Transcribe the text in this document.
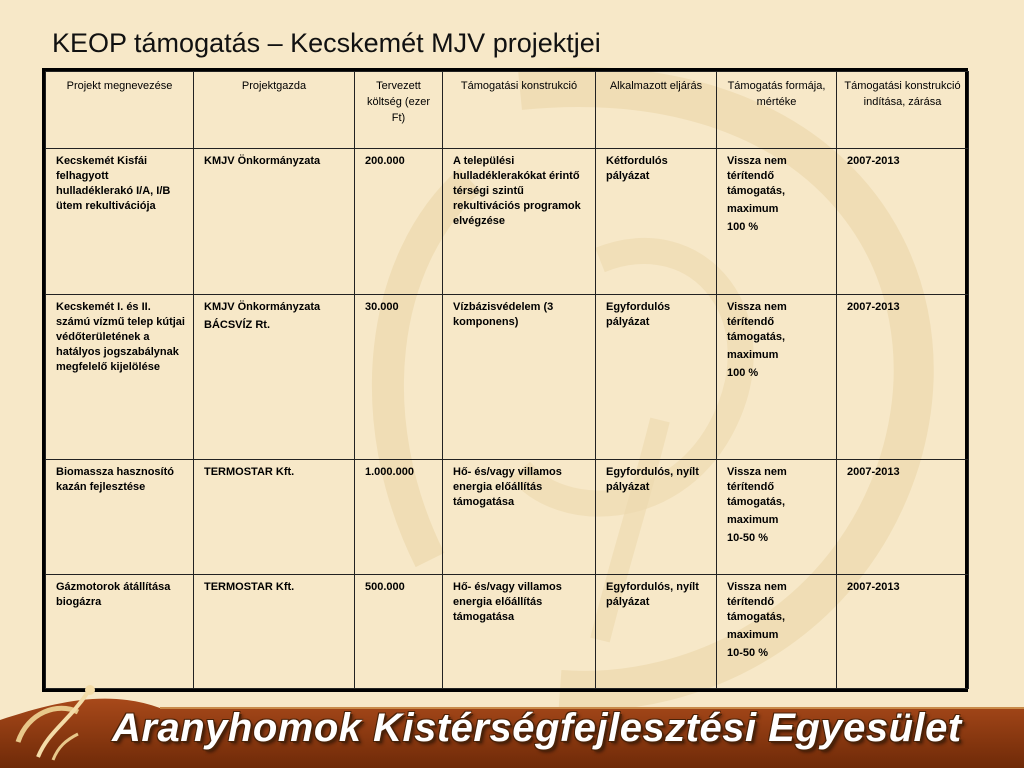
KEOP támogatás – Kecskemét MJV projektjei
Projekt megnevezése	Projektgazda	Tervezett költség (ezer Ft)	Támogatási konstrukció	Alkalmazott eljárás	Támogatás formája, mértéke	Támogatási konstrukció indítása, zárása
Kecskemét Kisfái felhagyott hulladéklerakó I/A, I/B ütem rekultivációja	KMJV Önkormányzata	200.000	A települési hulladéklerakókat érintő térségi szintű rekultivációs programok elvégzése	Kétfordulós pályázat	Vissza nem térítendő támogatás,
maximum
100 %	2007-2013
Kecskemét I. és II. számú vízmű telep kútjai védőterületének a hatályos jogszabálynak megfelelő kijelölése	KMJV Önkormányzata
BÁCSVÍZ Rt.	30.000	Vízbázisvédelem (3 komponens)	Egyfordulós pályázat	Vissza nem térítendő támogatás,
maximum
100 %	2007-2013
Biomassza hasznosító kazán fejlesztése	TERMOSTAR Kft.	1.000.000	Hő- és/vagy villamos energia előállítás támogatása	Egyfordulós, nyílt pályázat	Vissza nem térítendő támogatás,
maximum
10-50 %	2007-2013
Gázmotorok átállítása biogázra	TERMOSTAR Kft.	500.000	Hő- és/vagy villamos energia előállítás támogatása	Egyfordulós, nyílt pályázat	Vissza nem térítendő támogatás,
maximum
10-50 %	2007-2013
Aranyhomok Kistérségfejlesztési Egyesület
